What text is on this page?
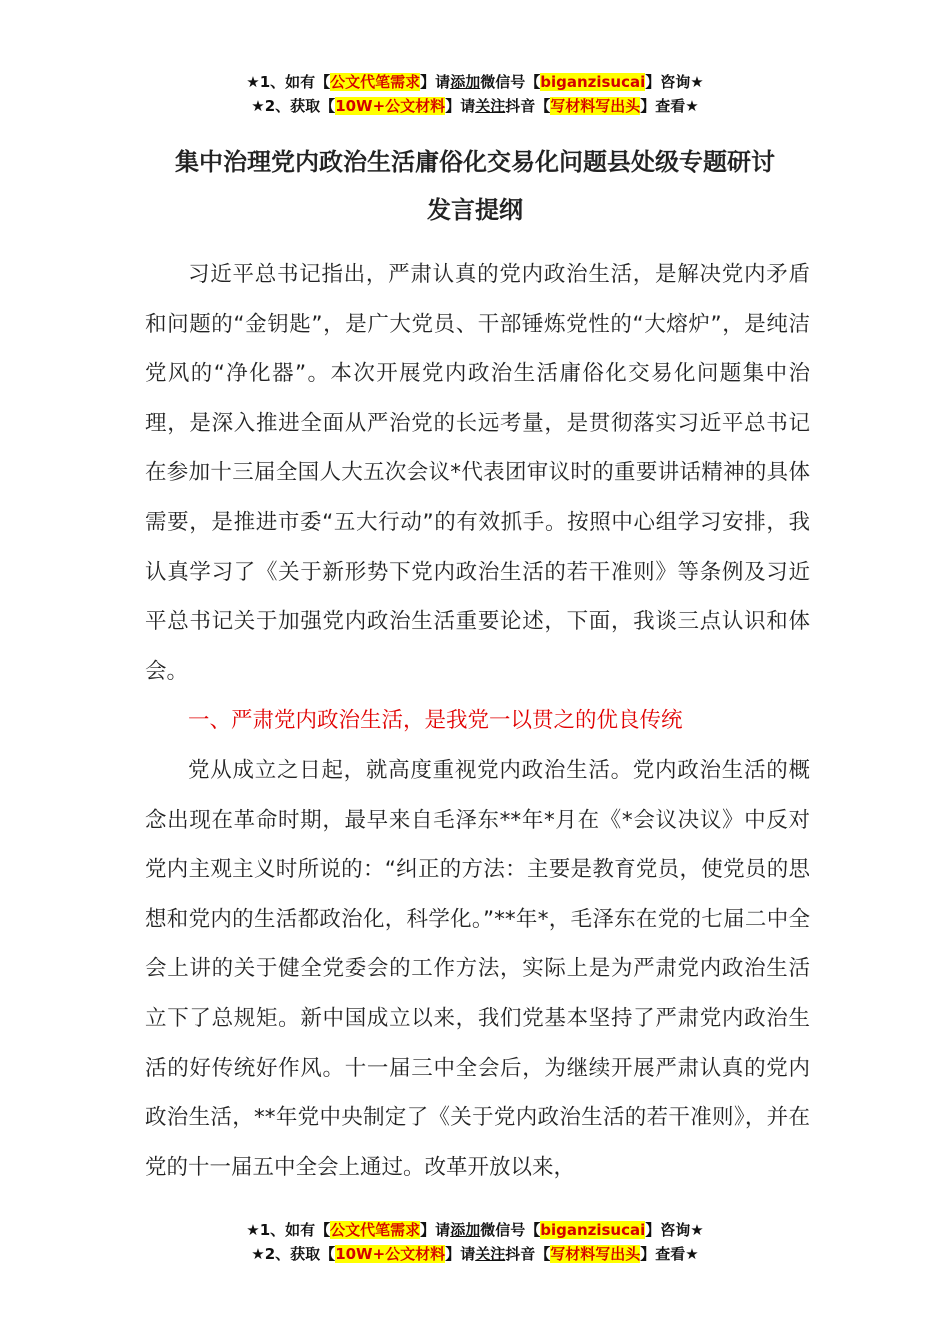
★1、如有【公文代笔需求】请添加微信号【biganzisucai】咨询★
★2、获取【10W+公文材料】请关注抖音【写材料写出头】查看★
集中治理党内政治生活庸俗化交易化问题县处级专题研讨
发言提纲

习近平总书记指出，严肃认真的党内政治生活，是解决党内矛盾和问题的“金钥匙”，是广大党员、干部锤炼党性的“大熔炉”，是纯洁党风的“净化器”。本次开展党内政治生活庸俗化交易化问题集中治理，是深入推进全面从严治党的长远考量，是贯彻落实习近平总书记在参加十三届全国人大五次会议*代表团审议时的重要讲话精神的具体需要，是推进市委“五大行动”的有效抓手。按照中心组学习安排，我认真学习了《关于新形势下党内政治生活的若干准则》等条例及习近平总书记关于加强党内政治生活重要论述，下面，我谈三点认识和体会。

一、严肃党内政治生活，是我党一以贯之的优良传统

党从成立之日起，就高度重视党内政治生活。党内政治生活的概念出现在革命时期，最早来自毛泽东**年*月在《*会议决议》中反对党内主观主义时所说的：“纠正的方法：主要是教育党员，使党员的思想和党内的生活都政治化，科学化。”**年*，毛泽东在党的七届二中全会上讲的关于健全党委会的工作方法，实际上是为严肃党内政治生活立下了总规矩。新中国成立以来，我们党基本坚持了严肃党内政治生活的好传统好作风。十一届三中全会后，为继续开展严肃认真的党内政治生活，**年党中央制定了《关于党内政治生活的若干准则》，并在党的十一届五中全会上通过。改革开放以来，

★1、如有【公文代笔需求】请添加微信号【biganzisucai】咨询★
★2、获取【10W+公文材料】请关注抖音【写材料写出头】查看★
